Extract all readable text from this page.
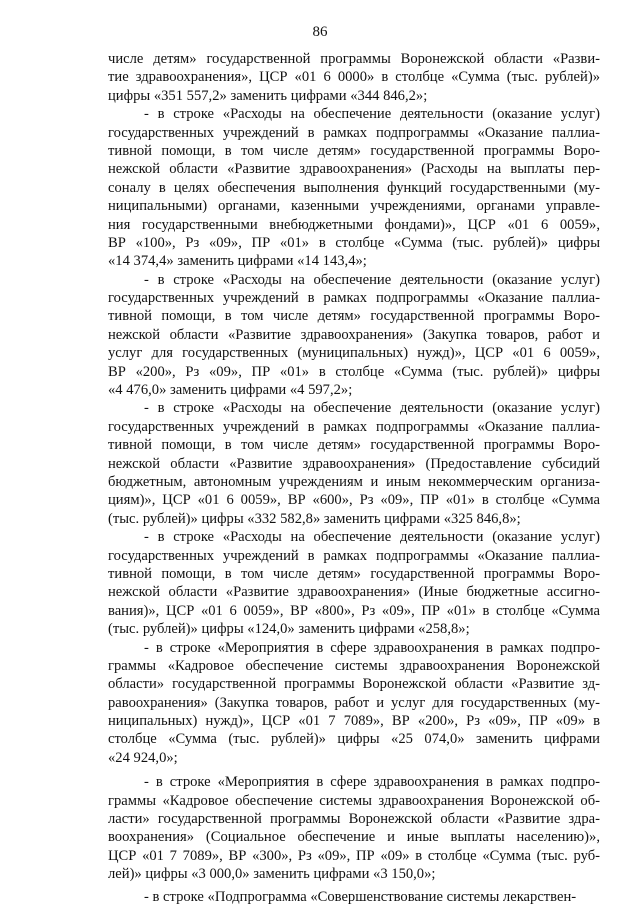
86
числе детям» государственной программы Воронежской области «Разви-
тие здравоохранения», ЦСР «01 6 0000» в столбце «Сумма (тыс. рублей)»
цифры «351 557,2» заменить цифрами «344 846,2»;
- в строке «Расходы на обеспечение деятельности (оказание услуг)
государственных учреждений в рамках подпрограммы «Оказание паллиа-
тивной помощи, в том числе детям» государственной программы Воро-
нежской области «Развитие здравоохранения» (Расходы на выплаты пер-
соналу в целях обеспечения выполнения функций государственными (му-
ниципальными) органами, казенными учреждениями, органами управле-
ния государственными внебюджетными фондами)», ЦСР «01 6 0059»,
ВР «100», Рз «09», ПР «01» в столбце «Сумма (тыс. рублей)» цифры
«14 374,4» заменить цифрами «14 143,4»;
- в строке «Расходы на обеспечение деятельности (оказание услуг)
государственных учреждений в рамках подпрограммы «Оказание паллиа-
тивной помощи, в том числе детям» государственной программы Воро-
нежской области «Развитие здравоохранения» (Закупка товаров, работ и
услуг для государственных (муниципальных) нужд)», ЦСР «01 6 0059»,
ВР «200», Рз «09», ПР «01» в столбце «Сумма (тыс. рублей)» цифры
«4 476,0» заменить цифрами «4 597,2»;
- в строке «Расходы на обеспечение деятельности (оказание услуг)
государственных учреждений в рамках подпрограммы «Оказание паллиа-
тивной помощи, в том числе детям» государственной программы Воро-
нежской области «Развитие здравоохранения» (Предоставление субсидий
бюджетным, автономным учреждениям и иным некоммерческим организа-
циям)», ЦСР «01 6 0059», ВР «600», Рз «09», ПР «01» в столбце «Сумма
(тыс. рублей)» цифры «332 582,8» заменить цифрами «325 846,8»;
- в строке «Расходы на обеспечение деятельности (оказание услуг)
государственных учреждений в рамках подпрограммы «Оказание паллиа-
тивной помощи, в том числе детям» государственной программы Воро-
нежской области «Развитие здравоохранения» (Иные бюджетные ассигно-
вания)», ЦСР «01 6 0059», ВР «800», Рз «09», ПР «01» в столбце «Сумма
(тыс. рублей)» цифры «124,0» заменить цифрами «258,8»;
- в строке «Мероприятия в сфере здравоохранения в рамках подпро-
граммы «Кадровое обеспечение системы здравоохранения Воронежской
области» государственной программы Воронежской области «Развитие зд-
равоохранения» (Закупка товаров, работ и услуг для государственных (му-
ниципальных) нужд)», ЦСР «01 7 7089», ВР «200», Рз «09», ПР «09» в
столбце «Сумма (тыс. рублей)» цифры «25 074,0» заменить цифрами
«24 924,0»;
- в строке «Мероприятия в сфере здравоохранения в рамках подпро-
граммы «Кадровое обеспечение системы здравоохранения Воронежской об-
ласти» государственной программы Воронежской области «Развитие здра-
воохранения» (Социальное обеспечение и иные выплаты населению)»,
ЦСР «01 7 7089», ВР «300», Рз «09», ПР «09» в столбце «Сумма (тыс. руб-
лей)» цифры «3 000,0» заменить цифрами «3 150,0»;
- в строке «Подпрограмма «Совершенствование системы лекарствен-
